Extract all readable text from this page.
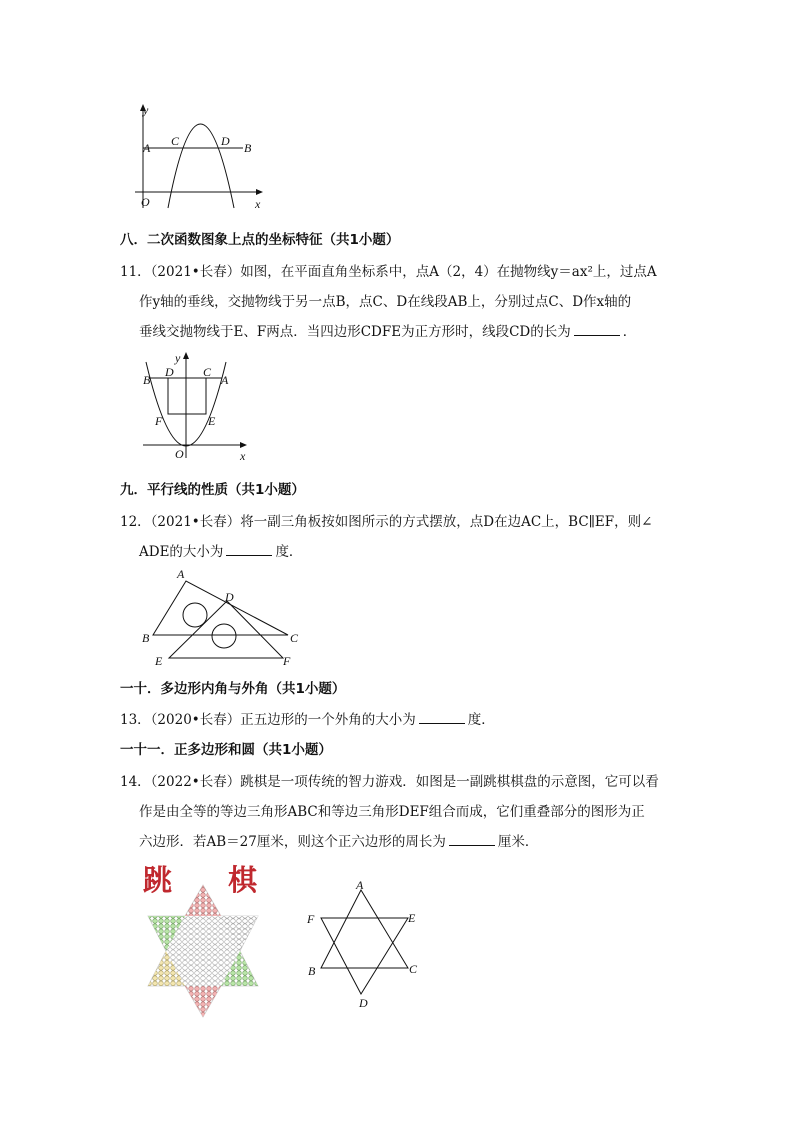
y
A C	D B
O	x
八．二次函数图象上点的坐标特征（共1小题）
11．（2021•长春）如图，在平面直角坐标系中，点A（2，4）在抛物线y＝ax²上，过点A
作y轴的垂线，交抛物线于另一点B，点C、D在线段AB上，分别过点C、D作x轴的
垂线交抛物线于E、F两点．当四边形CDFE为正方形时，线段CD的长为	．
y
B
D C
A
F	E
O	x
九．平行线的性质（共1小题）
12．（2021•长春）将一副三角板按如图所示的方式摆放，点D在边AC上，BC∥EF，则∠
ADE的大小为	度．
A
D
B	C
E	F
一十．多边形内角与外角（共1小题）
13．（2020•长春）正五边形的一个外角的大小为	度．
一十一．正多边形和圆（共1小题）
14．（2022•长春）跳棋是一项传统的智力游戏．如图是一副跳棋棋盘的示意图，它可以看
作是由全等的等边三角形ABC和等边三角形DEF组合而成，它们重叠部分的图形为正
六边形．若AB＝27厘米，则这个正六边形的周长为	厘米．
跳 棋	A
F	E
B	C
D
